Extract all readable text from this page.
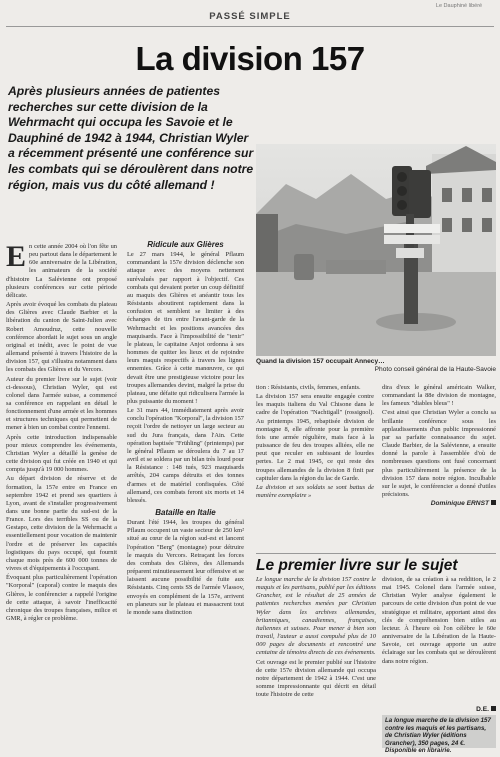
PASSÉ SIMPLE
Le Dauphiné libéré
La division 157
Après plusieurs années de patientes recherches sur cette division de la Wehrmacht qui occupa les Savoie et le Dauphiné de 1942 à 1944, Christian Wyler a récemment présenté une conférence sur les combats qui se déroulèrent dans notre région, mais vus du côté allemand !
Quand la division 157 occupait Annecy…
Photo conseil général de la Haute-Savoie
E n cette année 2004 où l'on fête un peu partout dans le département le 60e anniversaire de la Libération, les animateurs de la société d'histoire La Salévienne ont proposé plusieurs conférences sur cette période délicate.

Après avoir évoqué les combats du plateau des Glières avec Claude Barbier et la libération du canton de Saint-Julien avec Robert Amoudruz, cette nouvelle conférence abordait le sujet sous un angle original et inédit, avec le point de vue allemand présenté à travers l'histoire de la division 157, qui s'illustra notamment dans les combats des Glières et du Vercors.

Auteur du premier livre sur le sujet (voir ci-dessous), Christian Wyler, qui est colonel dans l'armée suisse, a commencé sa conférence en rappelant en détail le fonctionnement d'une armée et les hommes et structures techniques qui permettent de mener à bien un combat contre l'ennemi.

Après cette introduction indispensable pour mieux comprendre les événements, Christian Wyler a détaillé la genèse de cette division qui fut créée en 1940 et qui compta jusqu'à 19 000 hommes.

Au départ division de réserve et de formation, la 157e entre en France en septembre 1942 et prend ses quartiers à Lyon, avant de s'installer progressivement dans une bonne partie du sud-est de la France. Lors des terribles SS ou de la Gestapo, cette division de la Wehrmacht a essentiellement pour vocation de maintenir l'ordre et de préserver les capacités logistiques du pays occupé, qui fournit chaque mois près de 600 000 tonnes de vivres et d'équipements à l'occupant.

Évoquant plus particulièrement l'opération "Korporal" (caporal) contre le maquis des Glières, le conférencier a rappelé l'origine de cette attaque, à savoir l'inefficacité chronique des troupes françaises, milice et GMR, à régler ce problème.

Ridicule aux Glières

Le 27 mars 1944, le général Pflaum commandant la 157e division déclenche son attaque avec des moyens nettement surévalués par rapport à l'objectif. Ces combats qui devaient porter un coup définitif au maquis des Glières et anéantir tous les Résistants aboutirent rapidement dans la confusion et semblent se limiter à des échanges de tirs entre l'avant-garde de la Wehrmacht et les positions avancées des maquisards. Face à l'impossibilité de "tenir" le plateau, le capitaine Anjot ordonna à ses hommes de quitter les lieux et de rejoindre leurs maquis respectifs à travers les lignes ennemies. Grâce à cette manœuvre, ce qui devait être une prestigieuse victoire pour les troupes allemandes devint, malgré la prise du plateau, une défaite qui ridiculisera l'armée la plus puissante du moment !

Le 31 mars 44, immédiatement après avoir conclu l'opération "Korporal", la division 157 reçoit l'ordre de nettoyer un large secteur au sud du Jura français, dans l'Ain. Cette opération baptisée "Frühling" (printemps) par le général Pflaum se déroulera du 7 au 17 avril et se soldera par un bilan très lourd pour la Résistance : 148 tués, 923 maquisards arrêtés, 204 camps détruits et des tonnes d'armes et de matériel confisquées. Côté allemand, ces combats feront six morts et 14 blessés.

Bataille en Italie

Durant l'été 1944, les troupes du général Pflaum occupent un vaste secteur de 250 km² situé au cœur de la région sud-est et lancent l'opération "Berg" (montagne) pour détruire le maquis du Vercors. Retraçant les forces des combats des Glières, des Allemands préparent minutieusement leur offensive et se laissent aucune possibilité de fuite aux Résistants. Cinq cents SS de l'armée Vlassov, envoyés en complément de la 157e, arrivent en planeurs sur le plateau et massacrent tout le monde sans distinction

tion : Résistants, civils, femmes, enfants.

La division 157 sera ensuite engagée contre les maquis italiens du Val Chisone dans le cadre de l'opération "Nachtigall" (rossignol). Au printemps 1945, rebaptisée division de montagne 8, elle affronte pour la première fois une armée régulière, mais face à la puissance de feu des troupes alliées, elle ne peut que reculer en subissant de lourdes pertes. Le 2 mai 1945, ce qui reste des troupes allemandes de la division 8 finit par capituler dans la région du lac de Garde.

La division et ses soldats se sont battus de manière exemplaire »

dira d'eux le général américain Walker, commandant la 88e division de montagne, les fameux "diables bleus" !

C'est ainsi que Christian Wyler a conclu sa brillante conférence sous les applaudissements d'un public impressionné par sa parfaite connaissance du sujet. Claude Barbier, de la Salévienne, a ensuite donné la parole à l'assemblée d'où de nombreuses questions ont fusé concernant plus particulièrement la présence de la division 157 dans notre région. Inculbable sur le sujet, le conférencier a donné d'utiles précisions.

Dominique ERNST
Le premier livre sur le sujet

Le longue marche de la division 157 contre le maquis et les partisans, publié par les éditions Grancher, est le résultat de 25 années de patientes recherches menées par Christian Wyler dans les archives allemandes, britanniques, canadiennes, françaises, italiennes et suisses. Pour mener à bien son travail, l'auteur a aussi compulsé plus de 10 000 pages de documents et rencontré une centaine de témoins directs de ces événements.

Cet ouvrage est le premier publié sur l'histoire de cette 157e division allemande qui occupa notre département de 1942 à 1944. C'est une somme impressionnante qui décrit en détail toute l'histoire de cette

division, de sa création à sa reddition, le 2 mai 1945. Colonel dans l'armée suisse, Christian Wyler analyse également le parcours de cette division d'un point de vue stratégique et militaire, apportant ainsi des clés de compréhension bien utiles au lecteur. À l'heure où l'on célèbre le 60e anniversaire de la Libération de la Haute-Savoie, cet ouvrage apporte un autre éclairage sur les combats qui se déroulèrent dans notre région.

D.E.
La longue marche de la division 157 contre les maquis et les partisans, de Christian Wyler (éditions Grancher), 350 pages, 24 €. Disponible en librairie.
